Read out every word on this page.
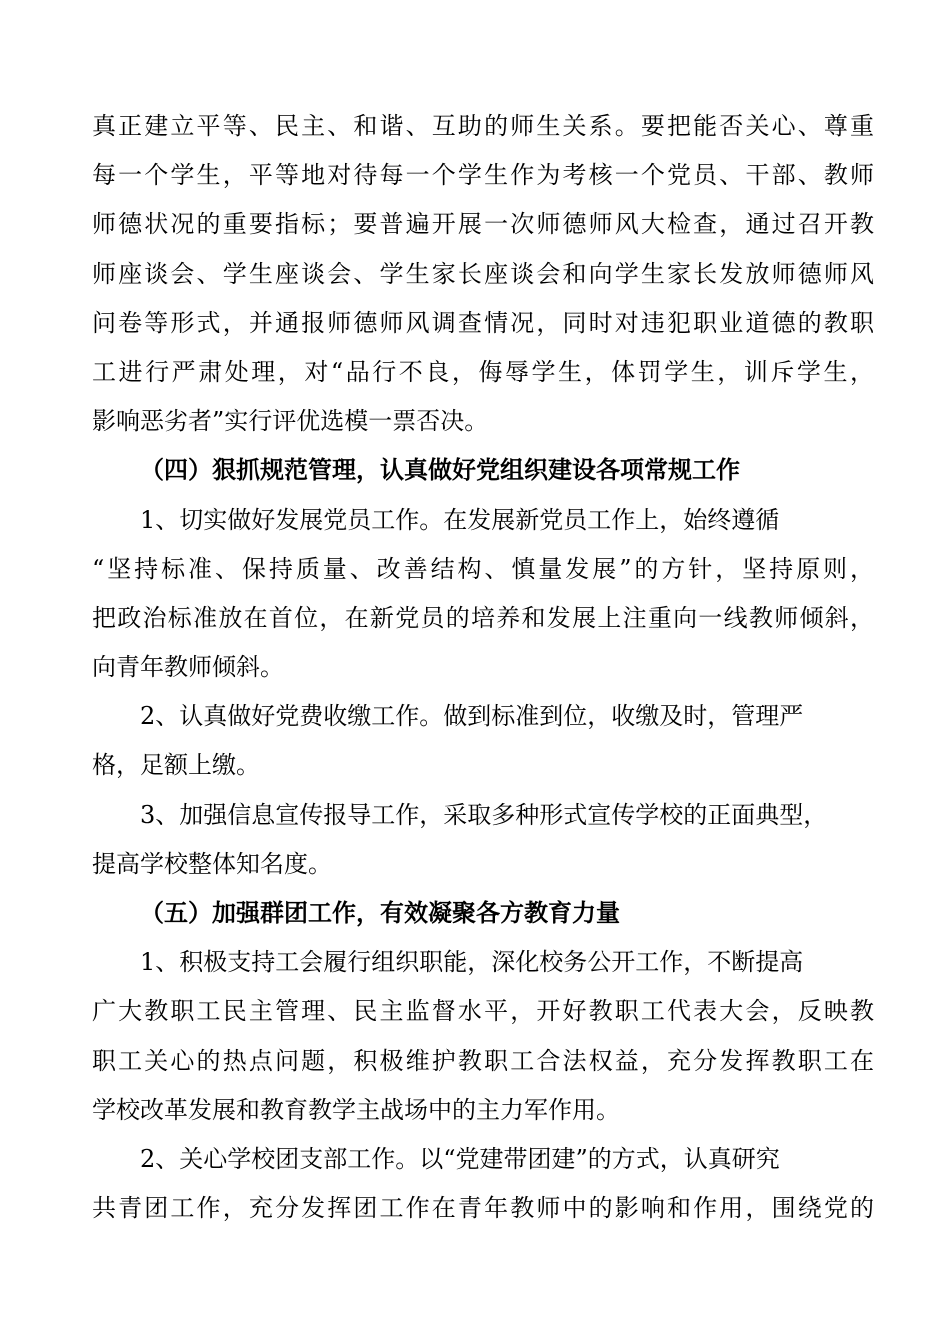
真正建立平等、民主、和谐、互助的师生关系。要把能否关心、尊重
每一个学生，平等地对待每一个学生作为考核一个党员、干部、教师
师德状况的重要指标；要普遍开展一次师德师风大检查，通过召开教
师座谈会、学生座谈会、学生家长座谈会和向学生家长发放师德师风
问卷等形式，并通报师德师风调查情况，同时对违犯职业道德的教职
工进行严肃处理，对“品行不良，侮辱学生，体罚学生，训斥学生，
影响恶劣者”实行评优选模一票否决。
（四）狠抓规范管理，认真做好党组织建设各项常规工作
1、切实做好发展党员工作。在发展新党员工作上，始终遵循
“坚持标准、保持质量、改善结构、慎量发展”的方针，坚持原则，
把政治标准放在首位，在新党员的培养和发展上注重向一线教师倾斜，
向青年教师倾斜。
2、认真做好党费收缴工作。做到标准到位，收缴及时，管理严
格，足额上缴。
3、加强信息宣传报导工作，采取多种形式宣传学校的正面典型，
提高学校整体知名度。
（五）加强群团工作，有效凝聚各方教育力量
1、积极支持工会履行组织职能，深化校务公开工作，不断提高
广大教职工民主管理、民主监督水平，开好教职工代表大会，反映教
职工关心的热点问题，积极维护教职工合法权益，充分发挥教职工在
学校改革发展和教育教学主战场中的主力军作用。
2、关心学校团支部工作。以“党建带团建”的方式，认真研究
共青团工作，充分发挥团工作在青年教师中的影响和作用，围绕党的
